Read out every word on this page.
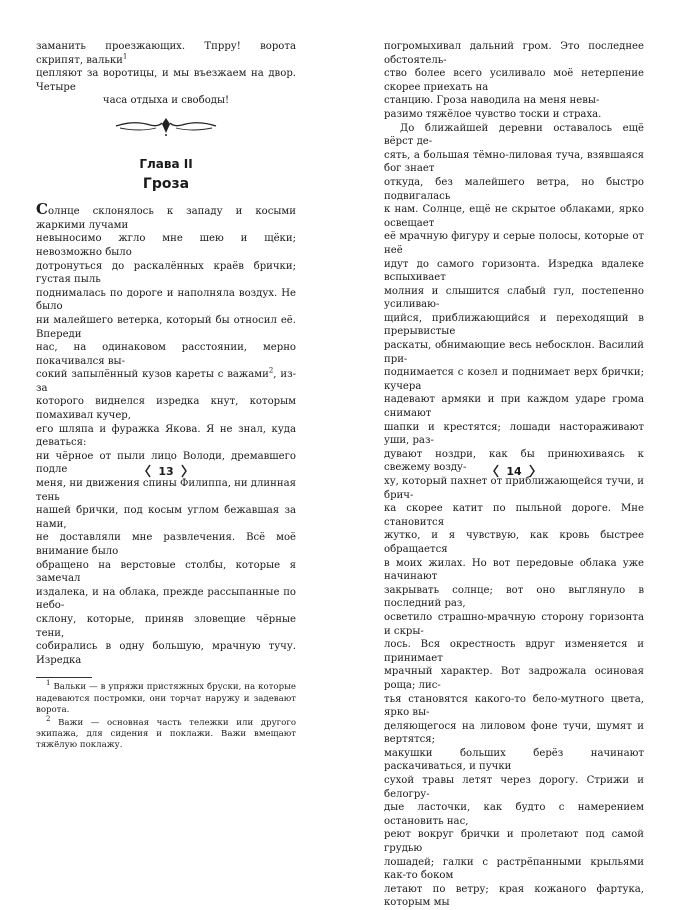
заманить проезжающих. Тпрру! ворота скрипят, вальки$^1$

цепляют за воротицы, и мы въезжаем на двор. Четыре

часа отдыха и свободы!

Глава II
Гроза

Солнце склонялось к западу и косыми жаркими лучами

невыносимо жгло мне шею и щёки; невозможно было

дотронуться до раскалённых краёв брички; густая пыль

поднималась по дороге и наполняла воздух. Не было

ни малейшего ветерка, который бы относил её. Впереди

нас, на одинаковом расстоянии, мерно покачивался вы-

сокий запылённый кузов кареты с важами$^2$, из-за

которого виднелся изредка кнут, которым помахивал кучер,

его шляпа и фуражка Якова. Я не знал, куда деваться:

ни чёрное от пыли лицо Володи, дремавшего подле

меня, ни движения спины Филиппа, ни длинная тень

нашей брички, под косым углом бежавшая за нами,

не доставляли мне развлечения. Всё моё внимание было

обращено на верстовые столбы, которые я замечал

издалека, и на облака, прежде рассыпанные по небо-

склону, которые, приняв зловещие чёрные тени,

собирались в одну большую, мрачную тучу. Изредка

$^1$ Вальки — в упряжи пристяжных бруски, на которые надеваются постромки, они торчат наружу и задевают ворота.

$^2$ Важи — основная часть тележки или другого экипажа, для сидения и поклажи. Важи вмещают тяжёлую поклажу.

13

погромыхивал дальний гром. Это последнее обстоятель-

ство более всего усиливало моё нетерпение скорее приехать на

станцию. Гроза наводила на меня невы-

разимо тяжёлое чувство тоски и страха.

До ближайшей деревни оставалось ещё вёрст де-

сять, а большая тёмно-лиловая туча, взявшаяся бог знает

откуда, без малейшего ветра, но быстро подвигалась

к нам. Солнце, ещё не скрытое облаками, ярко освещает

её мрачную фигуру и серые полосы, которые от неё

идут до самого горизонта. Изредка вдалеке вспыхивает

молния и слышится слабый гул, постепенно усиливаю-

щийся, приближающийся и переходящий в прерывистые

раскаты, обнимающие весь небосклон. Василий при-

поднимается с козел и поднимает верх брички; кучера

надевают армяки и при каждом ударе грома снимают

шапки и крестятся; лошади настораживают уши, раз-

дувают ноздри, как бы принюхиваясь к свежему возду-

ху, который пахнет от приближающейся тучи, и брич-

ка скорее катит по пыльной дороге. Мне становится

жутко, и я чувствую, как кровь быстрее обращается

в моих жилах. Но вот передовые облака уже начинают

закрывать солнце; вот оно выглянуло в последний раз,

осветило страшно-мрачную сторону горизонта и скры-

лось. Вся окрестность вдруг изменяется и принимает

мрачный характер. Вот задрожала осиновая роща; лис-

тья становятся какого-то бело-мутного цвета, ярко вы-

деляющегося на лиловом фоне тучи, шумят и вертятся;

макушки больших берёз начинают раскачиваться, и пучки

сухой травы летят через дорогу. Стрижи и белогру-

дые ласточки, как будто с намерением остановить нас,

реют вокруг брички и пролетают под самой грудью

лошадей; галки с растрёпанными крыльями как-то боком

летают по ветру; края кожаного фартука, которым мы

14
